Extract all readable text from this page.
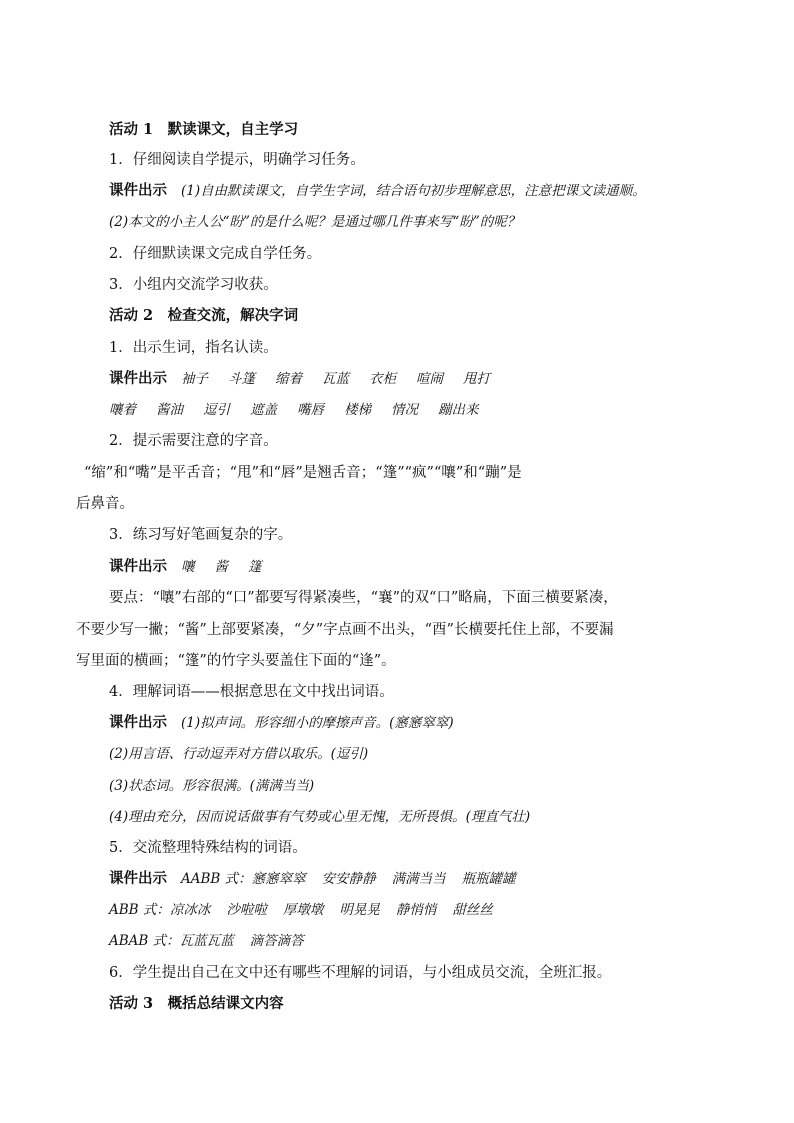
活动 1　默读课文，自主学习
1．仔细阅读自学提示，明确学习任务。
课件出示 (1)自由默读课文，自学生字词，结合语句初步理解意思，注意把课文读通顺。
(2)本文的小主人公“盼”的是什么呢？是通过哪几件事来写“盼”的呢？
2．仔细默读课文完成自学任务。
3．小组内交流学习收获。
活动 2　检查交流，解决字词
1．出示生词，指名认读。
课件出示 袖子 斗篷 缩着 瓦蓝 衣柜 喧闹 甩打
嚷着 酱油 逗引 遮盖 嘴唇 楼梯 情况 蹦出来
2．提示需要注意的字音。
“缩”和“嘴”是平舌音；“甩”和“唇”是翘舌音；“篷”“疯”“嚷”和“蹦”是
后鼻音。
3．练习写好笔画复杂的字。
课件出示 嚷 酱 篷
要点：“嚷”右部的“口”都要写得紧凑些，“襄”的双“口”略扁，下面三横要紧凑，
不要少写一撇；“酱”上部要紧凑，“夕”字点画不出头，“酉”长横要托住上部，不要漏
写里面的横画；“篷”的竹字头要盖住下面的“逢”。
4．理解词语——根据意思在文中找出词语。
课件出示 (1)拟声词。形容细小的摩擦声音。(窸窸窣窣)
(2)用言语、行动逗弄对方借以取乐。(逗引)
(3)状态词。形容很满。(满满当当)
(4)理由充分，因而说话做事有气势或心里无愧，无所畏惧。(理直气壮)
5．交流整理特殊结构的词语。
课件出示 AABB 式：窸窸窣窣 安安静静 满满当当 瓶瓶罐罐
ABB 式：凉冰冰 沙啦啦 厚墩墩 明晃晃 静悄悄 甜丝丝
ABAB 式：瓦蓝瓦蓝 滴答滴答
6．学生提出自己在文中还有哪些不理解的词语，与小组成员交流，全班汇报。
活动 3　概括总结课文内容
